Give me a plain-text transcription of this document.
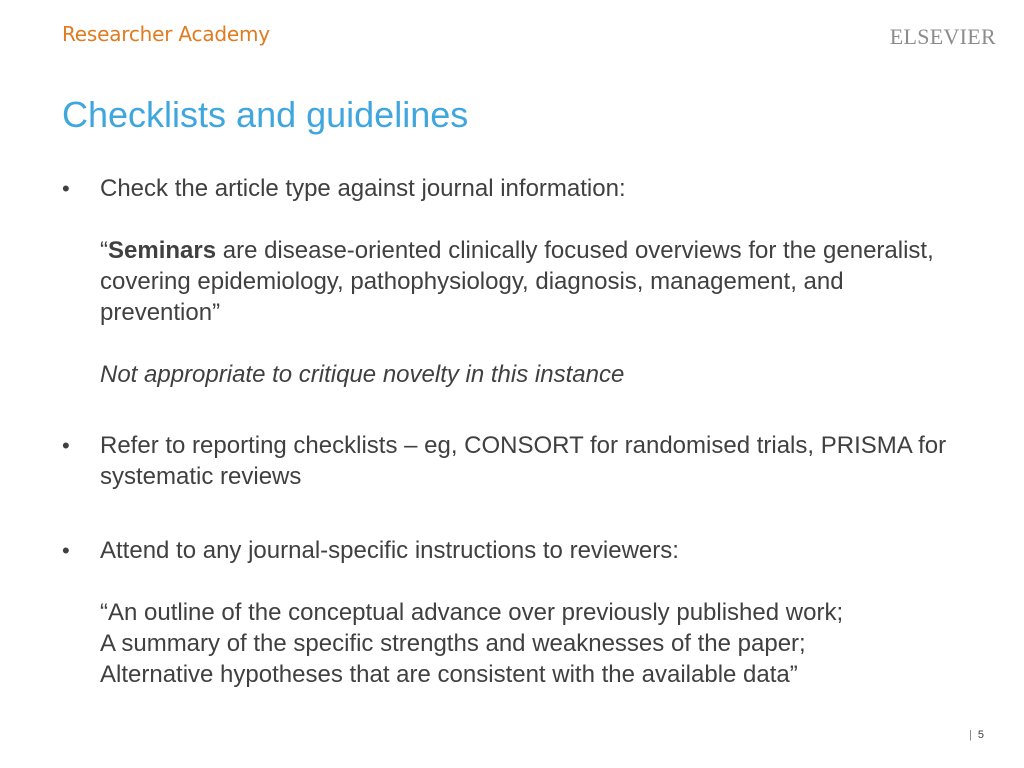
Researcher Academy	ELSEVIER
Checklists and guidelines
• Check the article type against journal information:
“Seminars are disease-oriented clinically focused overviews for the generalist, covering epidemiology, pathophysiology, diagnosis, management, and prevention”
Not appropriate to critique novelty in this instance
• Refer to reporting checklists – eg, CONSORT for randomised trials, PRISMA for systematic reviews
• Attend to any journal-specific instructions to reviewers:
“An outline of the conceptual advance over previously published work;
A summary of the specific strengths and weaknesses of the paper;
Alternative hypotheses that are consistent with the available data”
| 5
